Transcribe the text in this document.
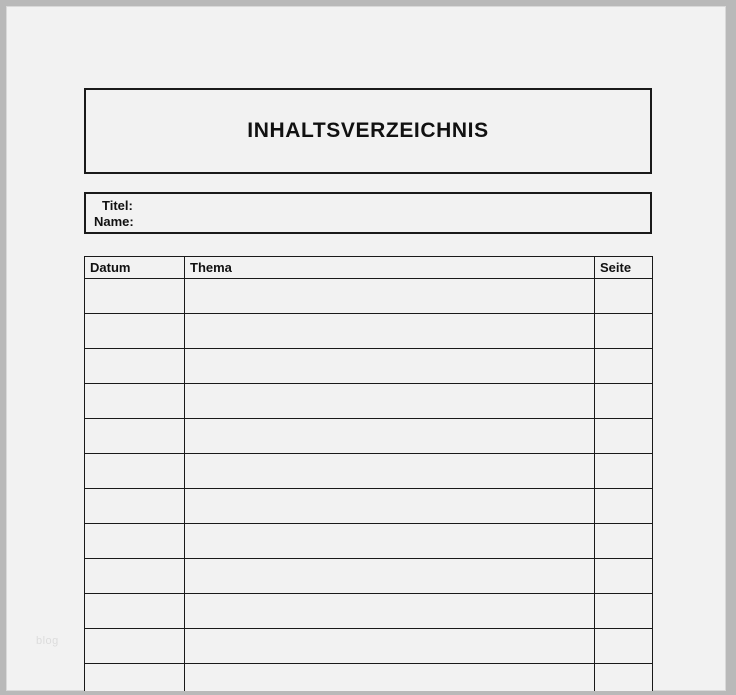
INHALTSVERZEICHNIS
Titel:
Name:
Datum	Thema	Seite

blog
